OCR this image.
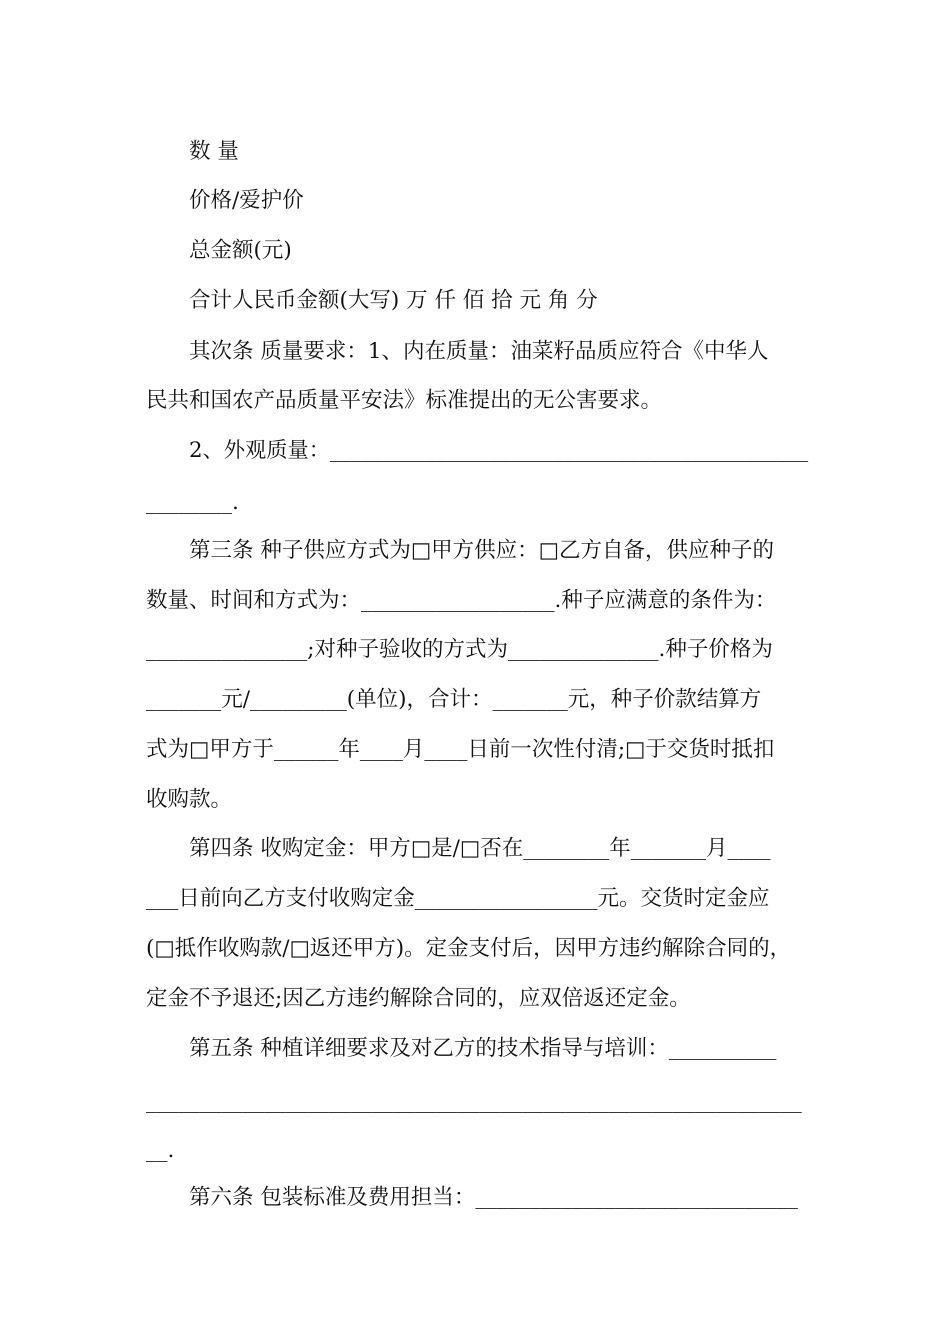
数 量
价格/爱护价
总金额(元)
合计人民币金额(大写) 万 仟 佰 拾 元 角 分
其次条 质量要求：1、内在质量：油菜籽品质应符合《中华人
民共和国农产品质量平安法》标准提出的无公害要求。
2、外观质量：_____________________________________________
________.
第三条 种子供应方式为□甲方供应：□乙方自备，供应种子的
数量、时间和方式为：__________________.种子应满意的条件为：
_______________;对种子验收的方式为______________.种子价格为
_______元/_________(单位)，合计：_______元，种子价款结算方
式为□甲方于______年____月____日前一次性付清;□于交货时抵扣
收购款。
第四条 收购定金：甲方□是/□否在________年_______月____
___日前向乙方支付收购定金_________________元。交货时定金应
(□抵作收购款/□返还甲方)。定金支付后，因甲方违约解除合同的，
定金不予退还;因乙方违约解除合同的，应双倍返还定金。
第五条 种植详细要求及对乙方的技术指导与培训：__________
_____________________________________________________________
__.
第六条 包装标准及费用担当：______________________________
